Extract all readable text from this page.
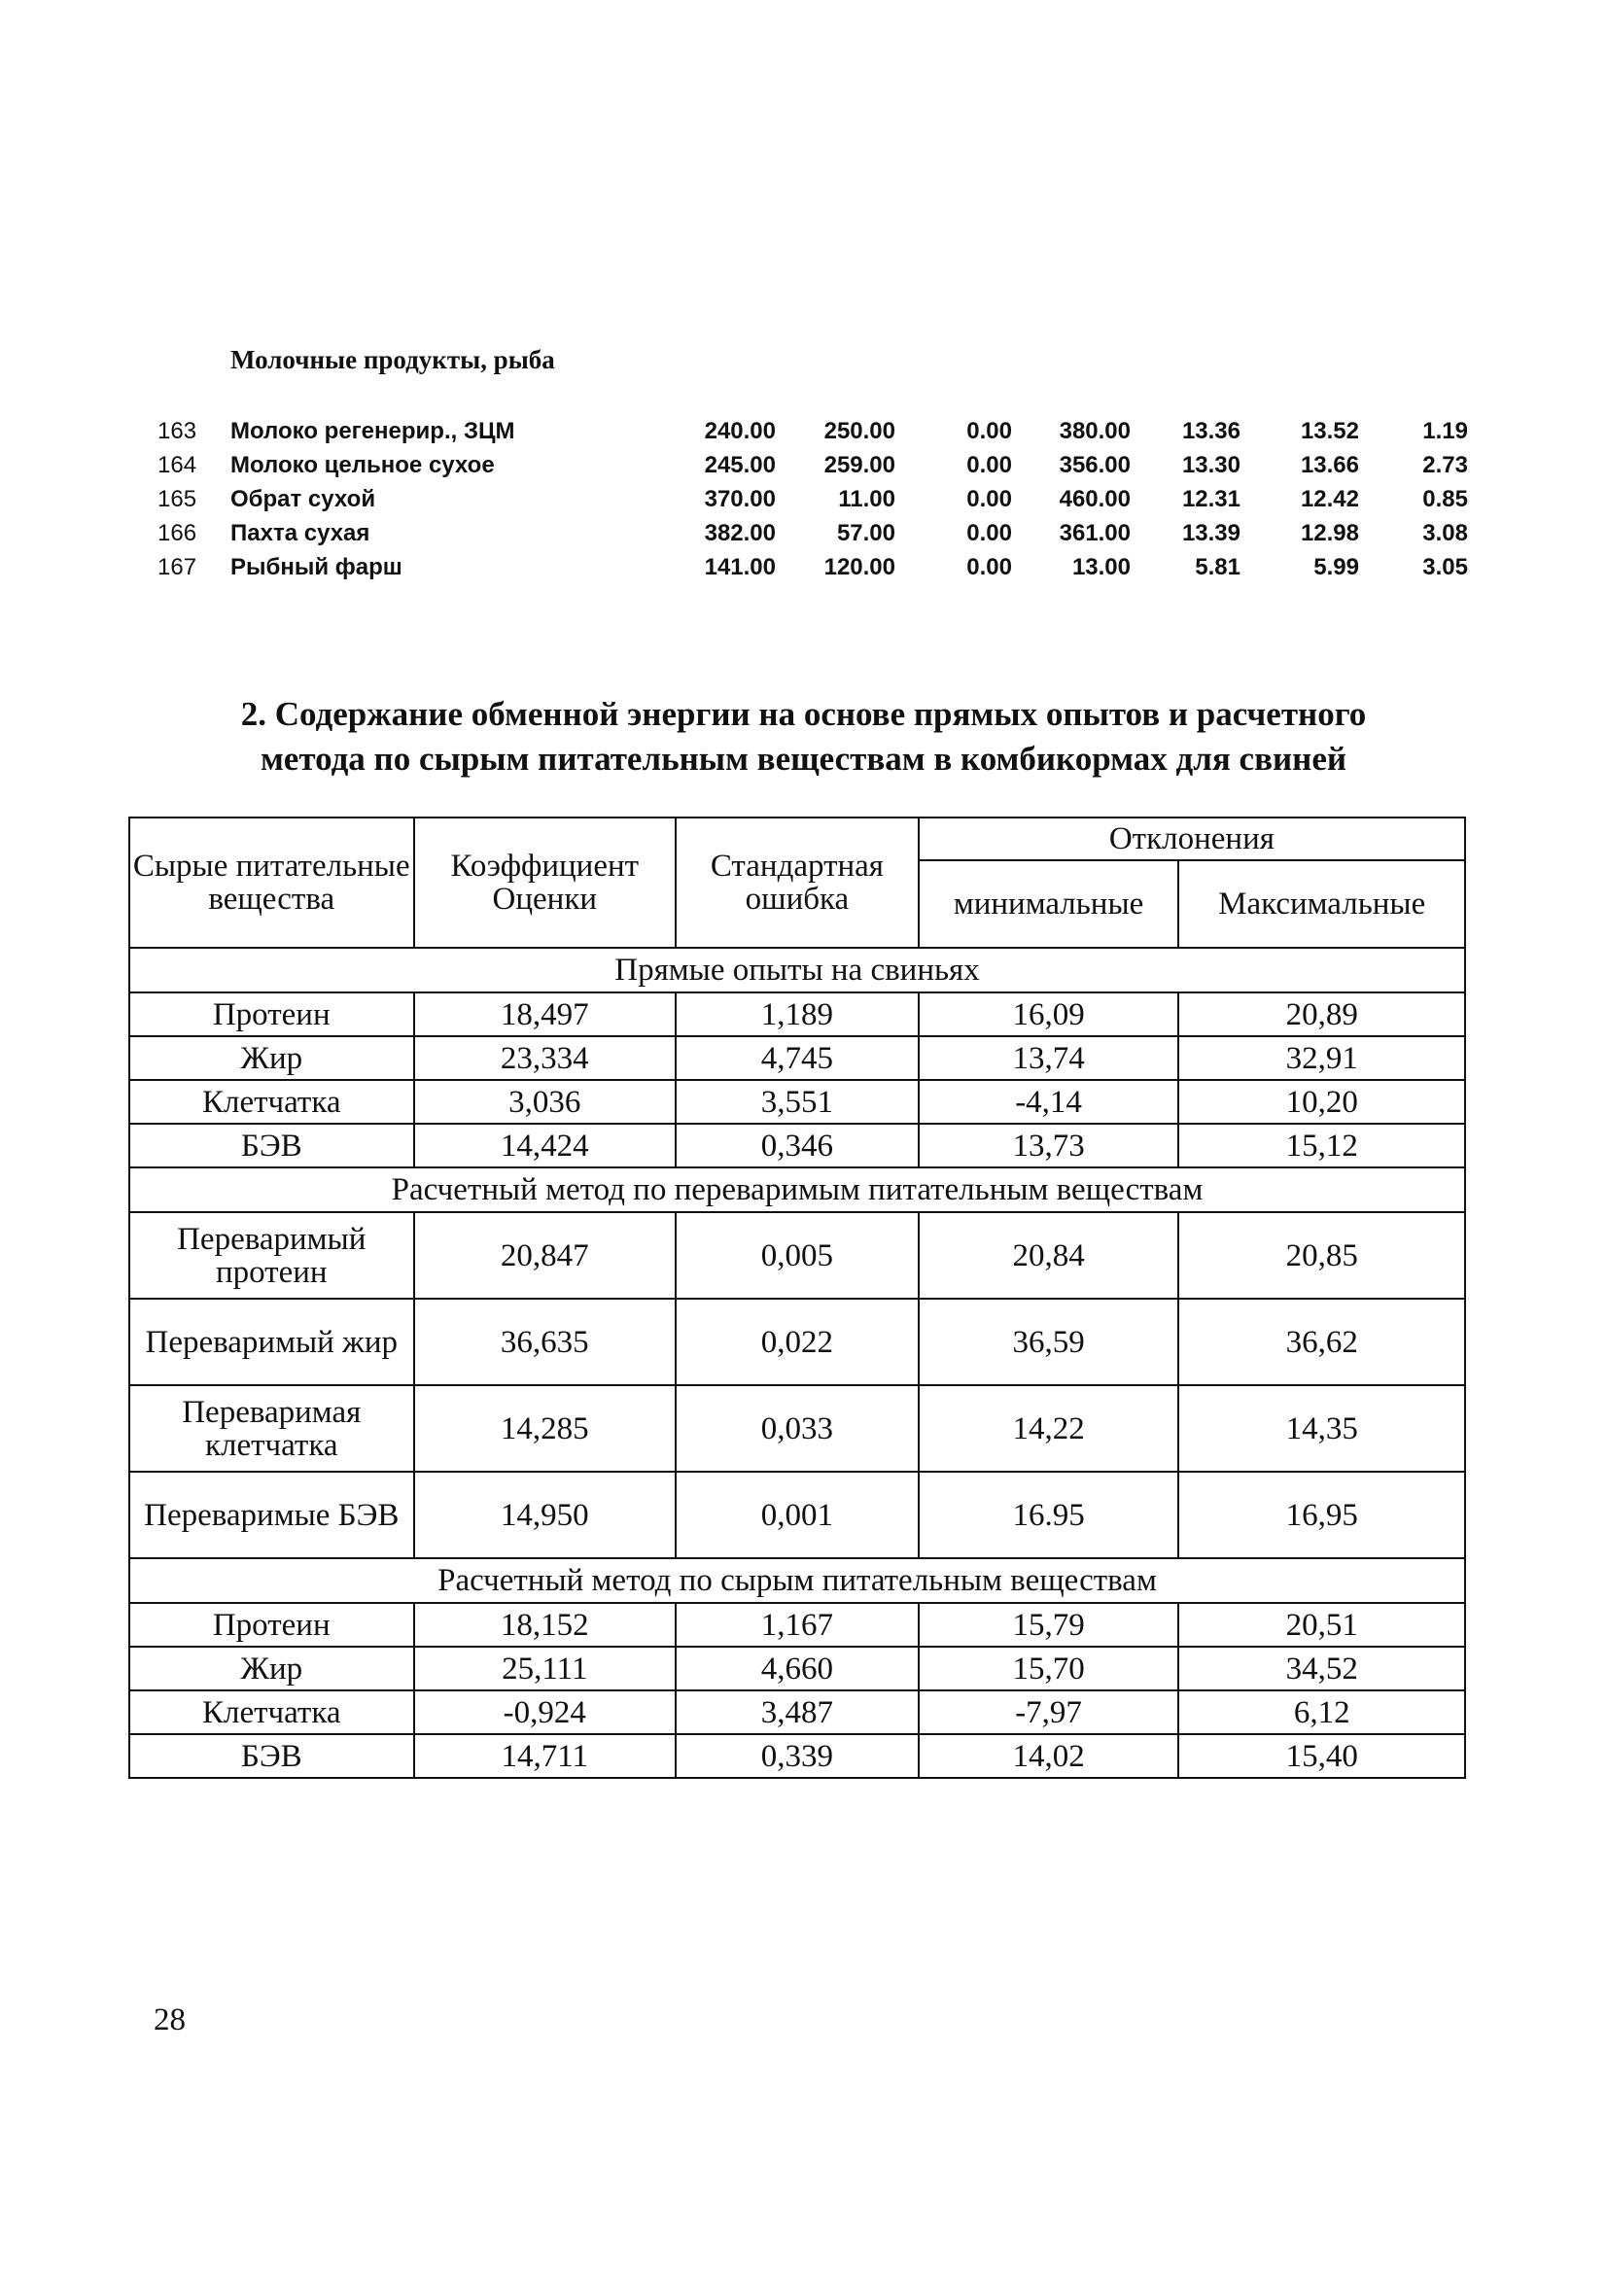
Молочные продукты, рыба
163 Молоко регенерир., ЗЦМ	240.00	250.00	0.00	380.00	13.36	13.52	1.19
164 Молоко цельное сухое	245.00	259.00	0.00	356.00	13.30	13.66	2.73
165 Обрат сухой	370.00	11.00	0.00	460.00	12.31	12.42	0.85
166 Пахта сухая	382.00	57.00	0.00	361.00	13.39	12.98	3.08
167 Рыбный фарш	141.00	120.00	0.00	13.00	5.81	5.99	3.05
2. Содержание обменной энергии на основе прямых опытов и расчетного
метода по сырым питательным веществам в комбикормах для свиней
Сырые питательные вещества	Коэффициент Оценки	Стандартная ошибка	Отклонения	
			минимальные	Максимальные
Прямые опыты на свиньях				
Протеин	18,497	1,189	16,09	20,89
Жир	23,334	4,745	13,74	32,91
Клетчатка	3,036	3,551	-4,14	10,20
БЭВ	14,424	0,346	13,73	15,12
Расчетный метод по переваримым питательным веществам				
Переваримый протеин	20,847	0,005	20,84	20,85
Переваримый жир	36,635	0,022	36,59	36,62
Переваримая клетчатка	14,285	0,033	14,22	14,35
Переваримые БЭВ	14,950	0,001	16.95	16,95
Расчетный метод по сырым питательным веществам				
Протеин	18,152	1,167	15,79	20,51
Жир	25,111	4,660	15,70	34,52
Клетчатка	-0,924	3,487	-7,97	6,12
БЭВ	14,711	0,339	14,02	15,40
28
